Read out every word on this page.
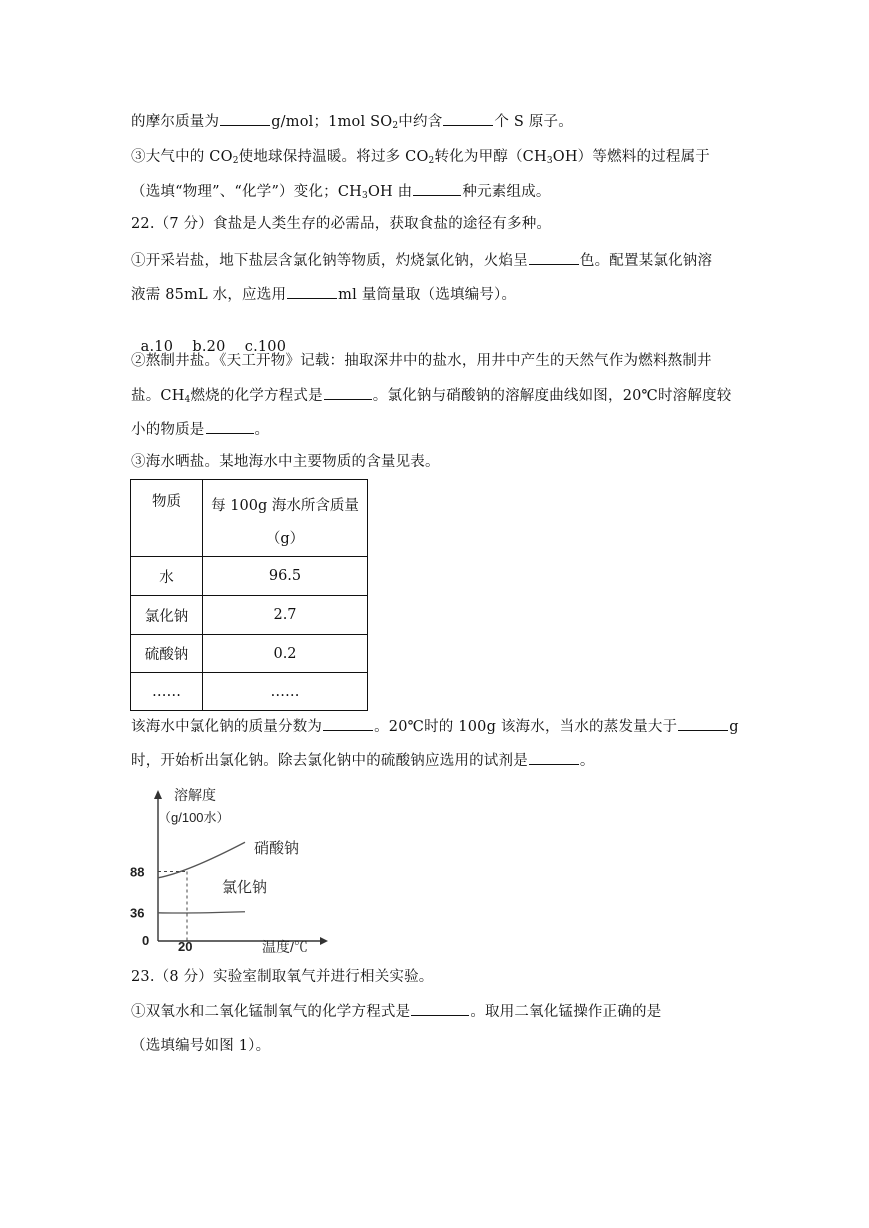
的摩尔质量为	g/mol；1mol $SO_2$中约含	个 S 原子。
③大气中的 $CO_2$使地球保持温暖。将过多 $CO_2$转化为甲醇$(CH_3OH)$等燃料的过程属于
（选填“物理”、“化学”）变化；$CH_3OH$ 由	种元素组成。
22.（7 分）食盐是人类生存的必需品，获取食盐的途径有多种。
①开采岩盐，地下盐层含氯化钠等物质，灼烧氯化钠，火焰呈	色。配置某氯化钠溶
液需 85mL 水，应选用	ml 量筒量取（选填编号）。

a.10    b.20    c.100

②熬制井盐。《天工开物》记载：抽取深井中的盐水，用井中产生的天然气作为燃料熬制井
盐。$CH_4$燃烧的化学方程式是	。氯化钠与硝酸钠的溶解度曲线如图，20℃时溶解度较
小的物质是	。
③海水晒盐。某地海水中主要物质的含量见表。
物质	每 100g 海水所含质量
（g）
水	96.5
氯化钠	2.7
硫酸钠	0.2
……	……
该海水中氯化钠的质量分数为	。20℃时的 100g 该海水，当水的蒸发量大于	g
时，开始析出氯化钠。除去氯化钠中的硫酸钠应选用的试剂是	。
溶解度
（g/100水）
温度/℃
0 20
36
88
硝酸钠
氯化钠
23.（8 分）实验室制取氧气并进行相关实验。
①双氧水和二氧化锰制氧气的化学方程式是	。取用二氧化锰操作正确的是
（选填编号如图 1）。
